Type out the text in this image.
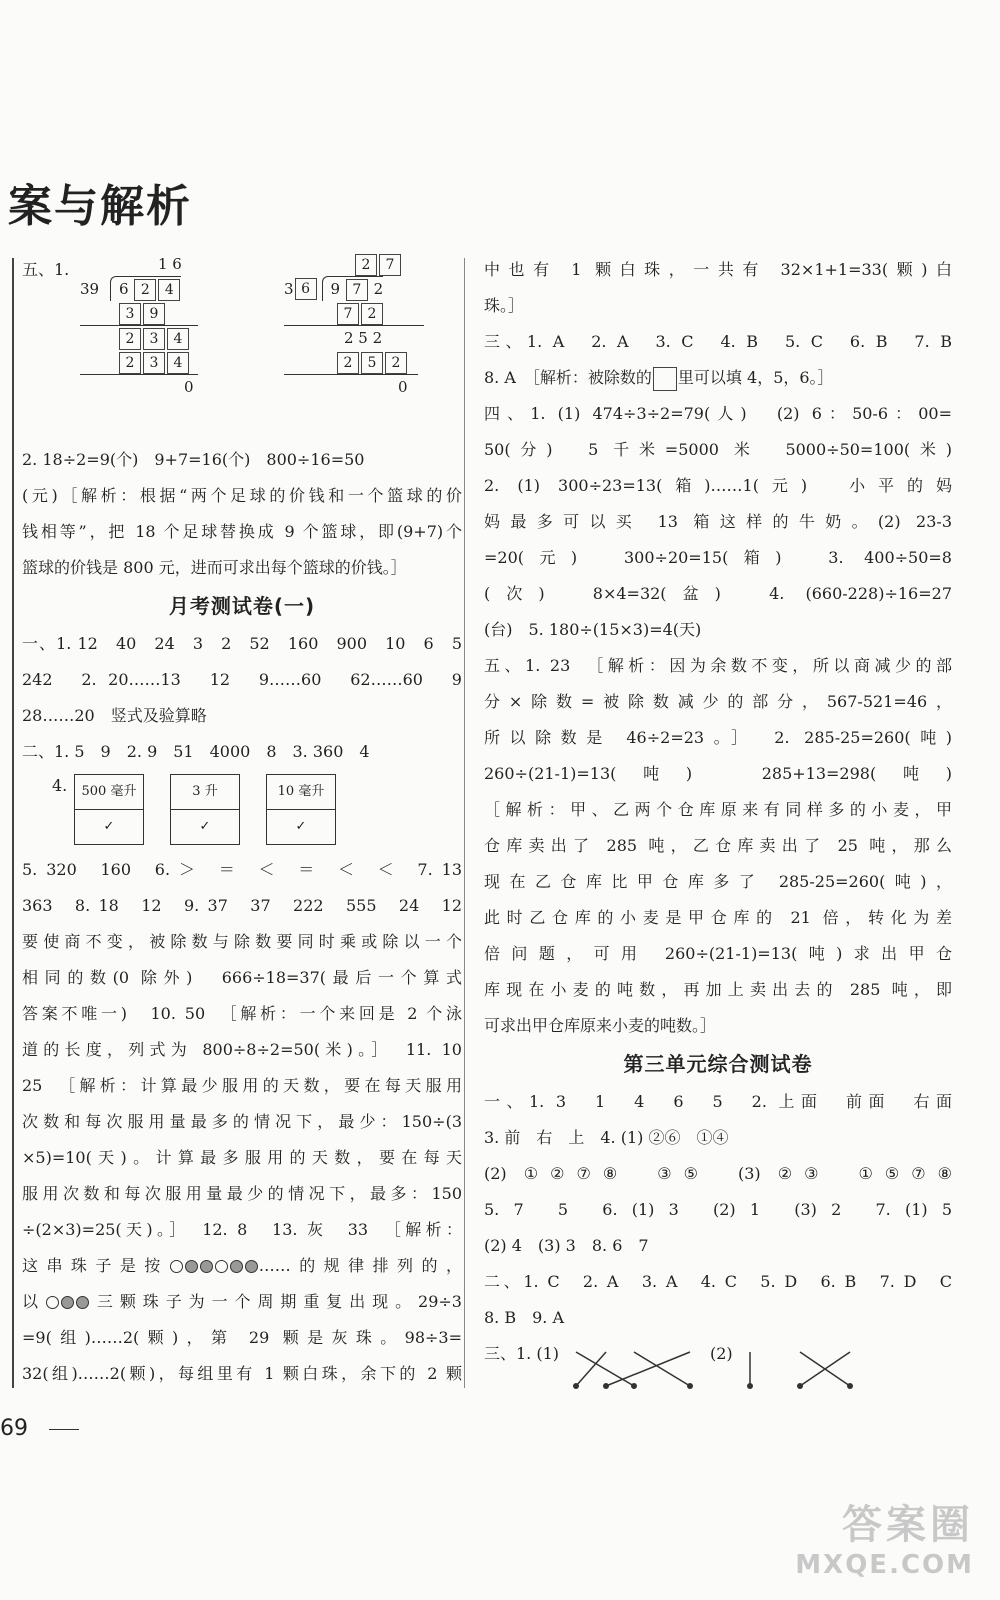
案与解析
五、1.	1 6
39	6 2 4
3 9
2 3 4
2 3 4
0
2 7
3 6	9 7 2
7 2
2 5 2
2 5 2
0

2. 18÷2=9(个)　9+7=16(个)　800÷16=50

(元)［解析：根据“两个足球的价钱和一个篮球的价

钱相等”，把 18 个足球替换成 9 个篮球，即(9+7)个

篮球的价钱是 800 元，进而可求出每个篮球的价钱。］

月考测试卷(一)

一、1. 12　40　24　3　2　52　160　900　10　6　5

242　2. 20……13　12　9……60　62……60　9

28……20　竖式及验算略

二、1. 5　9　2. 9　51　4000　8　3. 360　4

4.	500 毫升
✓
3 升
✓
10 毫升
✓

5. 320　160　6. ＞　＝　＜　＝　＜　＜　7. 13

363　8. 18　12　9. 37　37　222　555　24　12

要使商不变，被除数与除数要同时乘或除以一个

相同的数(0 除外)　666÷18=37(最后一个算式

答案不唯一)　10. 50　［解析：一个来回是 2 个泳

道的长度，列式为 800÷8÷2=50(米)。］　11. 10

25　［解析：计算最少服用的天数，要在每天服用

次数和每次服用量最多的情况下，最少：150÷(3

×5)=10(天)。计算最多服用的天数，要在每天

服用次数和每次服用量最少的情况下，最多：150

÷(2×3)=25(天)。］　12. 8　13. 灰　33　［解析：

这串珠子是按	……的规律排列的，

以	三颗珠子为一个周期重复出现。29÷3

=9(组)……2(颗)，第 29 颗是灰珠。98÷3=

32(组)……2(颗)，每组里有 1 颗白珠，余下的 2 颗

中也有 1 颗白珠，一共有 32×1+1=33(颗)白

珠。］

三、1. A　2. A　3. C　4. B　5. C　6. B　7. B

8. A　［解析：被除数的 里可以填 4，5，6。］

四、1. (1) 474÷3÷2=79(人)　(2) 6：50-6：00=

50(分)　5 千米=5000 米　5000÷50=100(米)

2. (1) 300÷23=13(箱)……1(元)　小平的妈

妈最多可以买 13 箱这样的牛奶。(2) 23-3

=20(元)　300÷20=15(箱)　3. 400÷50=8

(次)　8×4=32(盆)　4. (660-228)÷16=27

(台)　5. 180÷(15×3)=4(天)

五、1. 23　［解析：因为余数不变，所以商减少的部

分×除数=被除数减少的部分，567-521=46，

所以除数是 46÷2=23。］　2. 285-25=260(吨)

260÷(21-1)=13(吨)　285+13=298(吨)

［解析：甲、乙两个仓库原来有同样多的小麦，甲

仓库卖出了 285 吨，乙仓库卖出了 25 吨，那么

现在乙仓库比甲仓库多了 285-25=260(吨)，

此时乙仓库的小麦是甲仓库的 21 倍，转化为差

倍问题，可用 260÷(21-1)=13(吨)求出甲仓

库现在小麦的吨数，再加上卖出去的 285 吨，即

可求出甲仓库原来小麦的吨数。］

第三单元综合测试卷

一、1. 3　1　4　6　5　2. 上面　前面　右面

3. 前　右　上　4. (1) ②⑥　①④

(2) ①②⑦⑧　③⑤　(3) ②③　①⑤⑦⑧

5. 7　5　6. (1) 3　(2) 1　(3) 2　7. (1) 5

(2) 4　(3) 3　8. 6　7

二、1. C　2. A　3. A　4. C　5. D　6. B　7. D　C

8. B　9. A

三、1. (1)	(2)
69
答案圈
MXQE.COM
